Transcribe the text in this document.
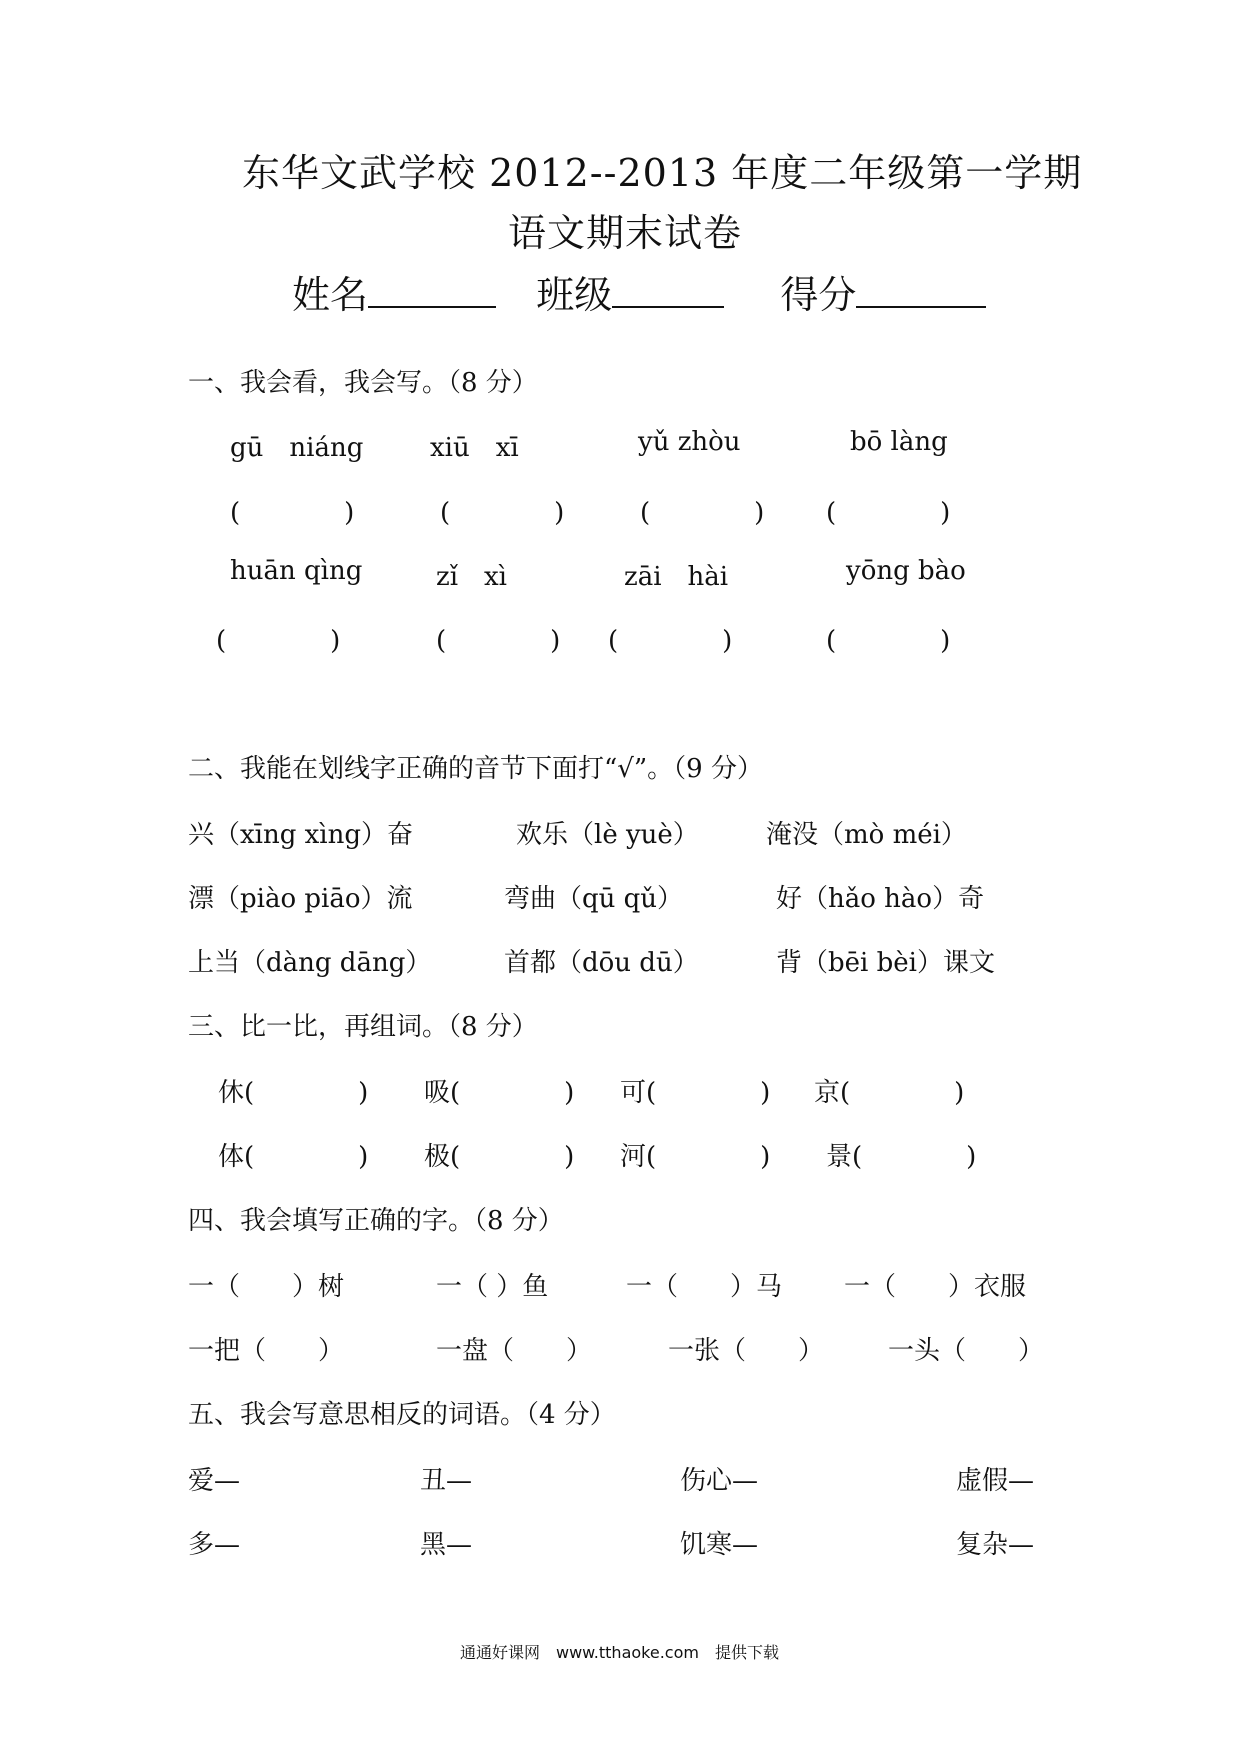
东华文武学校 2012--2013 年度二年级第一学期
语文期末试卷
姓名	班级	得分
一、我会看，我会写。（8 分）
gū　niáng	xiū　xī	yǔ zhòu	bō làng
(　　　　)	(　　　　)	(　　　　) (　　　　)
huān qìng	zǐ　xì	zāi　hài	yōng bào
(　　　　)	(　　　　) (　　　　)	(　　　　)
二、我能在划线字正确的音节下面打“√”。（9 分）
兴（xīng xìng）奋	欢乐（lè yuè）	淹没（mò méi）
漂（piào piāo）流	弯曲（qū qǔ）	好（hǎo hào）奇
上当（dàng dāng）	首都（dōu dū）	背（bēi bèi）课文
三、比一比，再组词。（8 分）
休(　　　　) 吸(　　　　) 可(　　　　) 京(　　　　)
体(　　　　) 极(　　　　) 河(　　　　) 景(　　　　)
四、我会填写正确的字。（8 分）
一（　　）树	一（ ）鱼	一（　　）马 一（　　）衣服
一把（　　）	一盘（　　）	一张（　　） 一头（　　）
五、我会写意思相反的词语。（4 分）
爱—	丑—	伤心—	虚假—
多—	黑—	饥寒—	复杂—
通通好课网　www.tthaoke.com　提供下载
